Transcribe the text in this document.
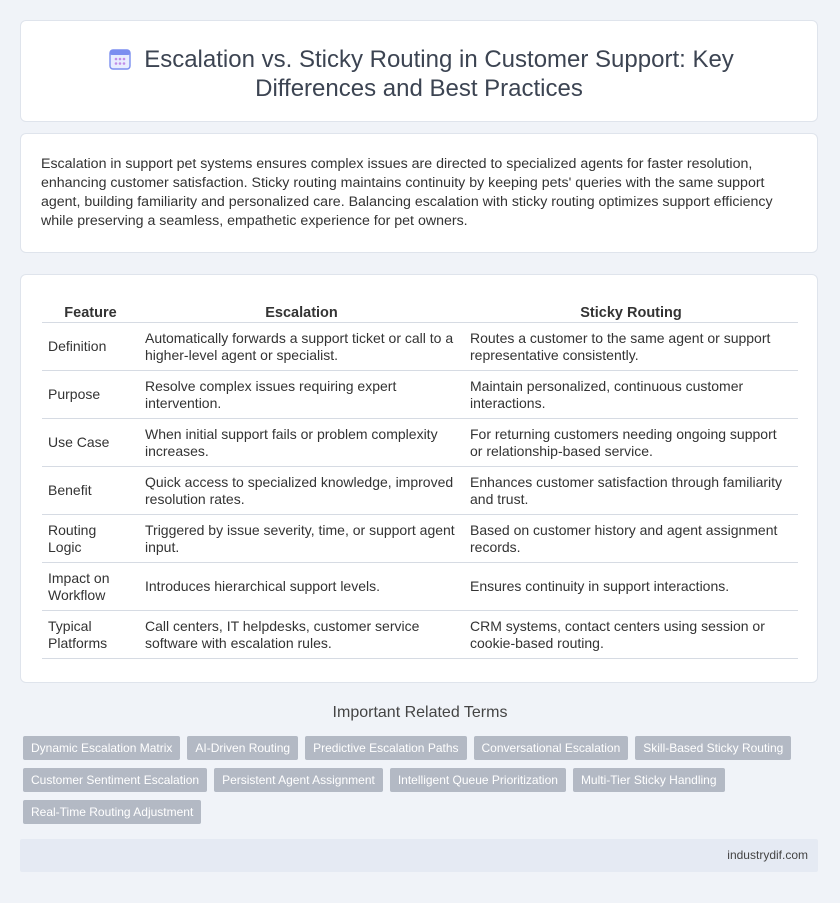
Escalation vs. Sticky Routing in Customer Support: Key
Differences and Best Practices
Escalation in support pet systems ensures complex issues are directed to specialized agents for faster resolution, enhancing customer satisfaction. Sticky routing maintains continuity by keeping pets' queries with the same support agent, building familiarity and personalized care. Balancing escalation with sticky routing optimizes support efficiency while preserving a seamless, empathetic experience for pet owners.
Feature	Escalation	Sticky Routing
Definition	Automatically forwards a support ticket or call to a higher-level agent or specialist.	Routes a customer to the same agent or support representative consistently.
Purpose	Resolve complex issues requiring expert intervention.	Maintain personalized, continuous customer interactions.
Use Case	When initial support fails or problem complexity increases.	For returning customers needing ongoing support or relationship-based service.
Benefit	Quick access to specialized knowledge, improved resolution rates.	Enhances customer satisfaction through familiarity and trust.
Routing Logic	Triggered by issue severity, time, or support agent input.	Based on customer history and agent assignment records.
Impact on Workflow	Introduces hierarchical support levels.	Ensures continuity in support interactions.
Typical Platforms	Call centers, IT helpdesks, customer service software with escalation rules.	CRM systems, contact centers using session or cookie-based routing.
Important Related Terms
Dynamic Escalation Matrix	AI-Driven Routing	Predictive Escalation Paths	Conversational Escalation	Skill-Based Sticky Routing
Customer Sentiment Escalation	Persistent Agent Assignment	Intelligent Queue Prioritization	Multi-Tier Sticky Handling
Real-Time Routing Adjustment
industrydif.com
